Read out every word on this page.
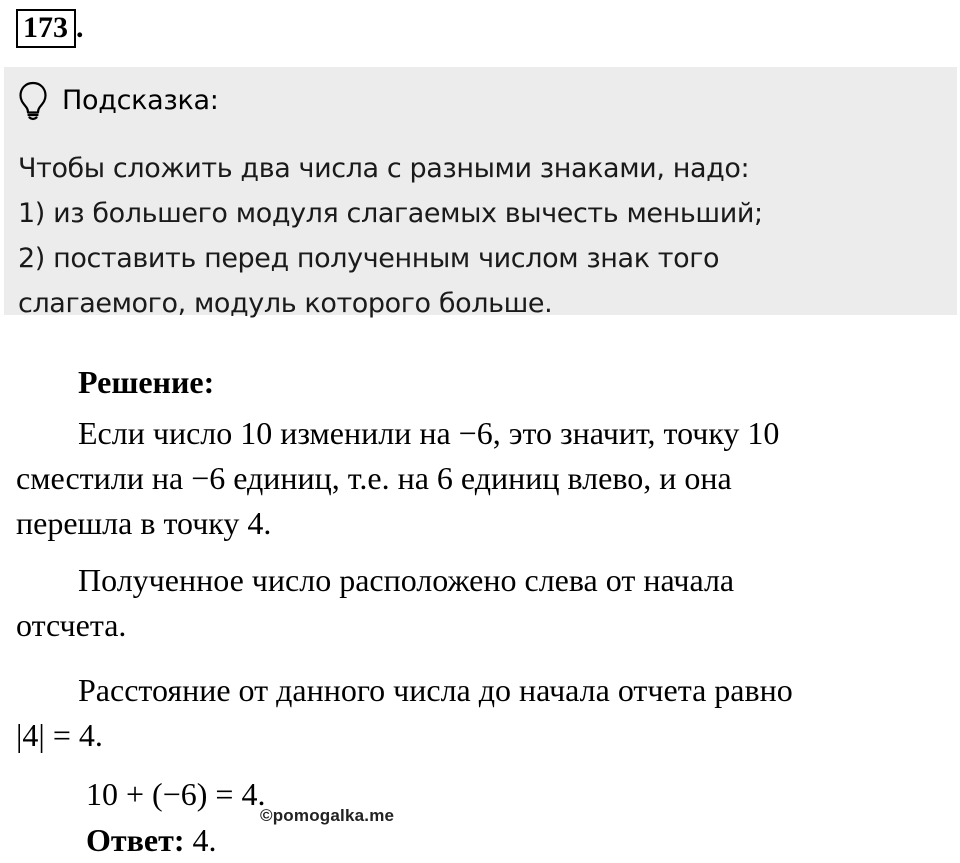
173 .
Подсказка:
Чтобы сложить два числа с разными знаками, надо:
1) из большего модуля слагаемых вычесть меньший;
2) поставить перед полученным числом знак того
слагаемого, модуль которого больше.
Решение:
Если число 10 изменили на −6, это значит, точку 10
сместили на −6 единиц, т.е. на 6 единиц влево, и она
перешла в точку 4.
Полученное число расположено слева от начала
отсчета.
Расстояние от данного числа до начала отчета равно
|4| = 4.
10 + (−6) = 4.
Ответ: 4.
©pomogalka.me
